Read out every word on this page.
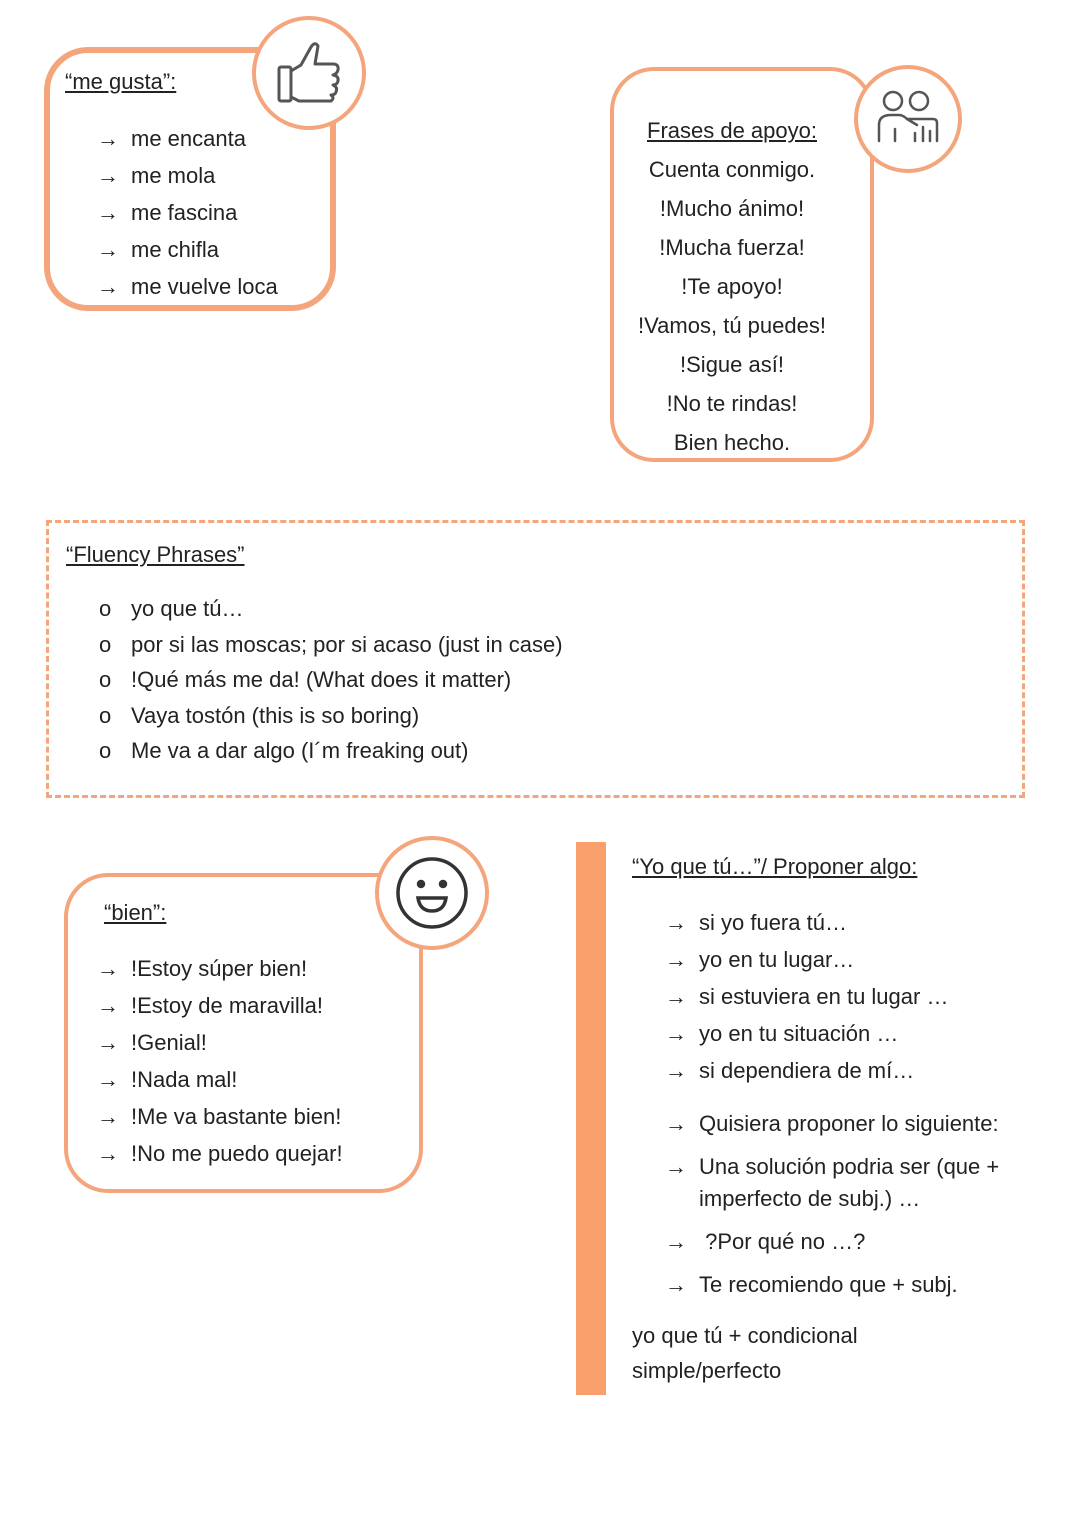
“me gusta”:
→ me encanta
→ me mola
→ me fascina
→ me chifla
→ me vuelve loca
Frases de apoyo:
Cuenta conmigo.
!Mucho ánimo!
!Mucha fuerza!
!Te apoyo!
!Vamos, tú puedes!
!Sigue así!
!No te rindas!
Bien hecho.
“Fluency Phrases”
o yo que tú…
o por si las moscas; por si acaso (just in case)
o !Qué más me da! (What does it matter)
o Vaya tostón (this is so boring)
o Me va a dar algo (I´m freaking out)
“bien”:
→ !Estoy súper bien!
→ !Estoy de maravilla!
→ !Genial!
→ !Nada mal!
→ !Me va bastante bien!
→ !No me puedo quejar!
“Yo que tú…”/ Proponer algo:
→ si yo fuera tú…
→ yo en tu lugar…
→ si estuviera en tu lugar …
→ yo en tu situación …
→ si dependiera de mí…
→ Quisiera proponer lo siguiente:
→ Una solución podria ser (que +
imperfecto de subj.) …
→  ?Por qué no …?
→ Te recomiendo que + subj.
yo que tú + condicional
simple/perfecto
